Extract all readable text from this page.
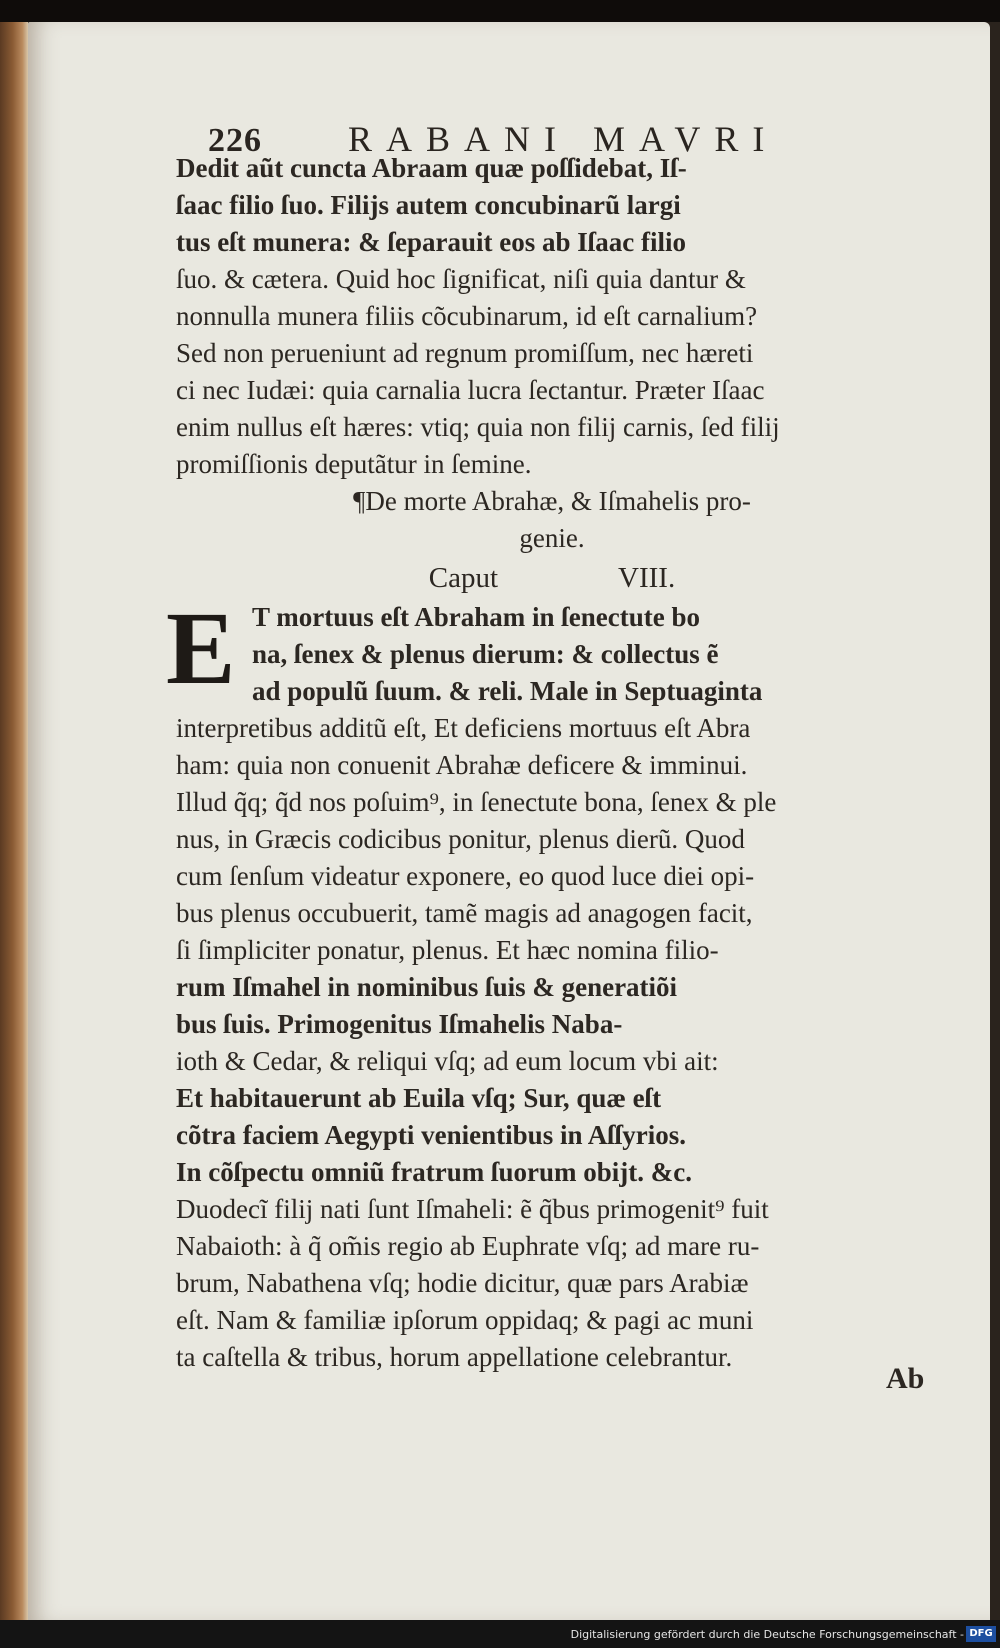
226 RABANI MAVRI
Ab
Dedit aũt cuncta Abraam quæ poſſidebat, Iſ-
ſaac filio ſuo. Filijs autem concubinarũ largi
tus eſt munera: & ſeparauit eos ab Iſaac filio
ſuo. & cætera. Quid hoc ſignificat, niſi quia dantur &
nonnulla munera filiis cõcubinarum, id eſt carnalium?
Sed non perueniunt ad regnum promiſſum, nec hæreti
ci nec Iudæi: quia carnalia lucra ſectantur. Præter Iſaac
enim nullus eſt hæres: vtiq; quia non filij carnis, ſed filij
promiſſionis deputãtur in ſemine.
¶De morte Abrahæ, & Iſmahelis pro-
genie.
Caput	VIII.
E T mortuus eſt Abraham in ſenectute bo
na, ſenex & plenus dierum: & collectus ẽ
ad populũ ſuum. & reli. Male in Septuaginta
interpretibus additũ eſt, Et deficiens mortuus eſt Abra
ham: quia non conuenit Abrahæ deficere & imminui.
Illud q̃q; q̃d nos poſuim⁹, in ſenectute bona, ſenex & ple
nus, in Græcis codicibus ponitur, plenus dierũ. Quod
cum ſenſum videatur exponere, eo quod luce diei opi-
bus plenus occubuerit, tamẽ magis ad anagogen facit,
ſi ſimpliciter ponatur, plenus. Et hæc nomina filio-
rum Iſmahel in nominibus ſuis & generatiõi
bus ſuis. Primogenitus Iſmahelis Naba-
ioth & Cedar, & reliqui vſq; ad eum locum vbi ait:
Et habitauerunt ab Euila vſq; Sur, quæ eſt
cõtra faciem Aegypti venientibus in Aſſyrios.
In cõſpectu omniũ fratrum ſuorum obijt. &c.
Duodecĩ filij nati ſunt Iſmaheli: ẽ q̃bus primogenit⁹ fuit
Nabaioth: à q̃ om̃is regio ab Euphrate vſq; ad mare ru-
brum, Nabathena vſq; hodie dicitur, quæ pars Arabiæ
eſt. Nam & familiæ ipſorum oppidaq; & pagi ac muni
ta caſtella & tribus, horum appellatione celebrantur.
Digitalisierung gefördert durch die Deutsche Forschungsgemeinschaft - DFG
